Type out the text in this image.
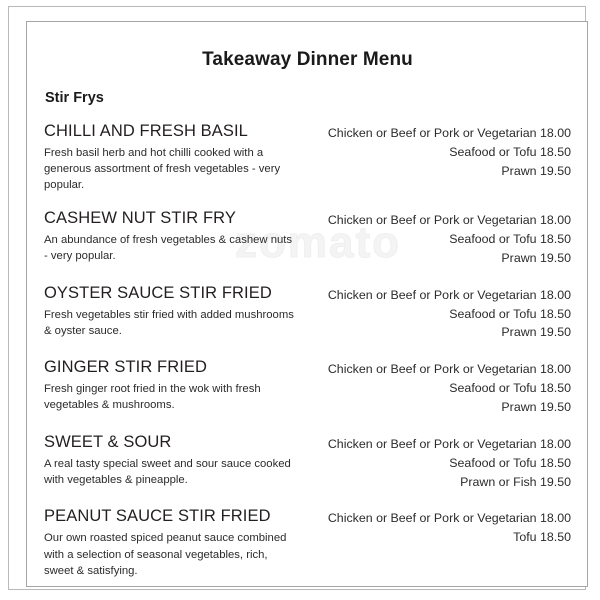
zomato
Takeaway Dinner Menu
Stir Frys
CHILLI AND FRESH BASIL
Fresh basil herb and hot chilli cooked with a generous assortment of fresh vegetables - very popular.
Chicken or Beef or Pork or Vegetarian 18.00
Seafood or Tofu 18.50
Prawn 19.50
CASHEW NUT STIR FRY
An abundance of fresh vegetables & cashew nuts - very popular.
Chicken or Beef or Pork or Vegetarian 18.00
Seafood or Tofu 18.50
Prawn 19.50
OYSTER SAUCE STIR FRIED
Fresh vegetables stir fried with added mushrooms & oyster sauce.
Chicken or Beef or Pork or Vegetarian 18.00
Seafood or Tofu 18.50
Prawn 19.50
GINGER STIR FRIED
Fresh ginger root fried in the wok with fresh vegetables & mushrooms.
Chicken or Beef or Pork or Vegetarian 18.00
Seafood or Tofu 18.50
Prawn 19.50
SWEET & SOUR
A real tasty special sweet and sour sauce cooked with vegetables & pineapple.
Chicken or Beef or Pork or Vegetarian 18.00
Seafood or Tofu 18.50
Prawn or Fish 19.50
PEANUT SAUCE STIR FRIED
Our own roasted spiced peanut sauce combined with a selection of seasonal vegetables, rich, sweet & satisfying.
Chicken or Beef or Pork or Vegetarian 18.00
Tofu 18.50
